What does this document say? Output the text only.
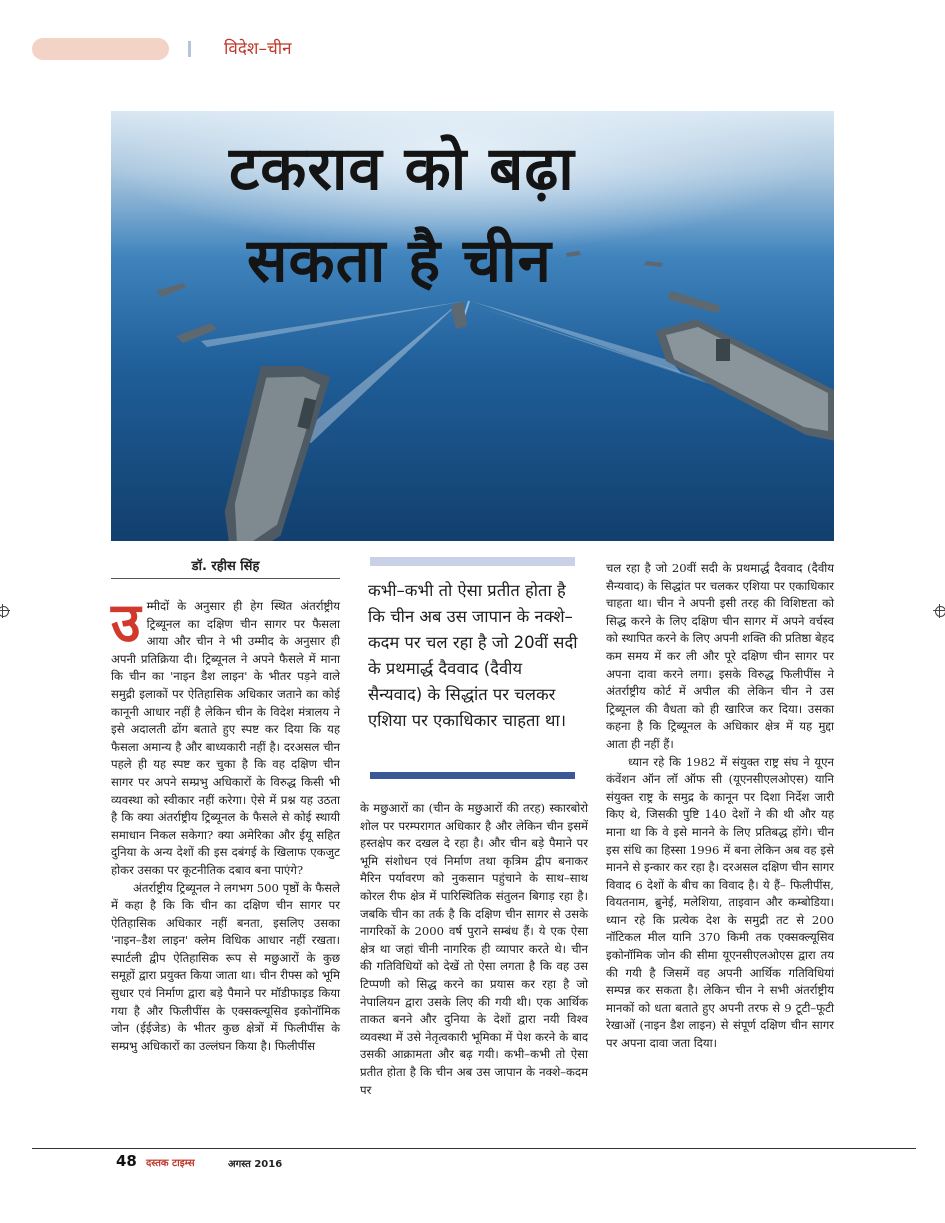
विदेश–चीन
टकराव को बढ़ा
सकता है चीन
डॉ. रहीस सिंह
उ म्मीदों के अनुसार ही हेग स्थित अंतर्राष्ट्रीय ट्रिब्यूनल का दक्षिण चीन सागर पर फैसला आया और चीन ने भी उम्मीद के अनुसार ही अपनी प्रतिक्रिया दी। ट्रिब्यूनल ने अपने फैसले में माना कि चीन का 'नाइन डैश लाइन' के भीतर पड़ने वाले समुद्री इलाकों पर ऐतिहासिक अधिकार जताने का कोई कानूनी आधार नहीं है लेकिन चीन के विदेश मंत्रालय ने इसे अदालती ढोंग बताते हुए स्पष्ट कर दिया कि यह फैसला अमान्य है और बाध्यकारी नहीं है। दरअसल चीन पहले ही यह स्पष्ट कर चुका है कि वह दक्षिण चीन सागर पर अपने सम्प्रभु अधिकारों के विरुद्ध किसी भी व्यवस्था को स्वीकार नहीं करेगा। ऐसे में प्रश्न यह उठता है कि क्या अंतर्राष्ट्रीय ट्रिब्यूनल के फैसले से कोई स्थायी समाधान निकल सकेगा? क्या अमेरिका और ईयू सहित दुनिया के अन्य देशों की इस दबंगई के खिलाफ एकजुट होकर उसका पर कूटनीतिक दबाव बना पाएंगे?

अंतर्राष्ट्रीय ट्रिब्यूनल ने लगभग 500 पृष्ठों के फैसले में कहा है कि कि चीन का दक्षिण चीन सागर पर ऐतिहासिक अधिकार नहीं बनता, इसलिए उसका 'नाइन–डैश लाइन' क्लेम विधिक आधार नहीं रखता। स्पार्टली द्वीप ऐतिहासिक रूप से मछुआरों के कुछ समूहों द्वारा प्रयुक्त किया जाता था। चीन रीफ्स को भूमि सुधार एवं निर्माण द्वारा बड़े पैमाने पर मॉडीफाइड किया गया है और फिलीपींस के एक्सक्ल्यूसिव इकोनॉमिक जोन (ईईजेड) के भीतर कुछ क्षेत्रों में फिलीपींस के सम्प्रभु अधिकारों का उल्लंघन किया है। फिलीपींस

कभी–कभी तो ऐसा प्रतीत होता है कि चीन अब उस जापान के नक्शे–कदम पर चल रहा है जो 20वीं सदी के प्रथमार्द्ध दैववाद (दैवीय सैन्यवाद) के सिद्धांत पर चलकर एशिया पर एकाधिकार चाहता था।

के मछुआरों का (चीन के मछुआरों की तरह) स्कारबोरो शोल पर परम्परागत अधिकार है और लेकिन चीन इसमें हस्तक्षेप कर दखल दे रहा है। और चीन बड़े पैमाने पर भूमि संशोधन एवं निर्माण तथा कृत्रिम द्वीप बनाकर मैरिन पर्यावरण को नुकसान पहुंचाने के साथ–साथ कोरल रीफ क्षेत्र में पारिस्थितिक संतुलन बिगाड़ रहा है। जबकि चीन का तर्क है कि दक्षिण चीन सागर से उसके नागरिकों के 2000 वर्ष पुराने सम्बंध हैं। ये एक ऐसा क्षेत्र था जहां चीनी नागरिक ही व्यापार करते थे। चीन की गतिविधियों को देखें तो ऐसा लगता है कि वह उस टिप्पणी को सिद्ध करने का प्रयास कर रहा है जो नेपालियन द्वारा उसके लिए की गयी थी। एक आर्थिक ताकत बनने और दुनिया के देशों द्वारा नयी विश्व व्यवस्था में उसे नेतृत्वकारी भूमिका में पेश करने के बाद उसकी आक्रामता और बढ़ गयी। कभी–कभी तो ऐसा प्रतीत होता है कि चीन अब उस जापान के नक्शे–कदम पर

चल रहा है जो 20वीं सदी के प्रथमार्द्ध दैववाद (दैवीय सैन्यवाद) के सिद्धांत पर चलकर एशिया पर एकाधिकार चाहता था। चीन ने अपनी इसी तरह की विशिष्टता को सिद्ध करने के लिए दक्षिण चीन सागर में अपने वर्चस्व को स्थापित करने के लिए अपनी शक्ति की प्रतिष्ठा बेहद कम समय में कर ली और पूरे दक्षिण चीन सागर पर अपना दावा करने लगा। इसके विरुद्ध फिलीपींस ने अंतर्राष्ट्रीय कोर्ट में अपील की लेकिन चीन ने उस ट्रिब्यूनल की वैधता को ही खारिज कर दिया। उसका कहना है कि ट्रिब्यूनल के अधिकार क्षेत्र में यह मुद्दा आता ही नहीं हैं।

ध्यान रहे कि 1982 में संयुक्त राष्ट्र संघ ने यूएन कंवेंशन ऑन लॉ ऑफ सी (यूएनसीएलओएस) यानि संयुक्त राष्ट्र के समुद्र के कानून पर दिशा निर्देश जारी किए थे, जिसकी पुष्टि 140 देशों ने की थी और यह माना था कि वे इसे मानने के लिए प्रतिबद्ध होंगे। चीन इस संधि का हिस्सा 1996 में बना लेकिन अब वह इसे मानने से इन्कार कर रहा है। दरअसल दक्षिण चीन सागर विवाद 6 देशों के बीच का विवाद है। ये हैं– फिलीपींस, वियतनाम, ब्रुनेई, मलेशिया, ताइवान और कम्बोडिया। ध्यान रहे कि प्रत्येक देश के समुद्री तट से 200 नॉटिकल मील यानि 370 किमी तक एक्सक्ल्यूसिव इकोनॉमिक जोन की सीमा यूएनसीएलओएस द्वारा तय की गयी है जिसमें वह अपनी आर्थिक गतिविधियां सम्पन्न कर सकता है। लेकिन चीन ने सभी अंतर्राष्ट्रीय मानकों को धता बताते हुए अपनी तरफ से 9 टूटी–फूटी रेखाओं (नाइन डैश लाइन) से संपूर्ण दक्षिण चीन सागर पर अपना दावा जता दिया।

48 दस्तक टाइम्स	अगस्त 2016
